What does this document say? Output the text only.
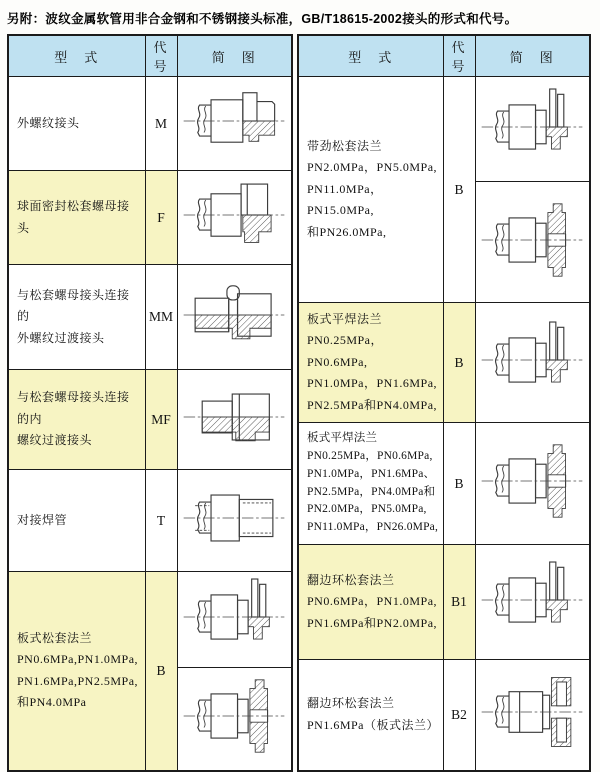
另附：波纹金属软管用非合金钢和不锈钢接头标准，GB/T18615-2002接头的形式和代号。
型　式	代号	简　图
外螺纹接头	M	
球面密封松套螺母接头	F	
与松套螺母接头连接的
外螺纹过渡接头	MM	
与松套螺母接头连接的内
螺纹过渡接头	MF	
对接焊管	T	
板式松套法兰
PN0.6MPa,PN1.0MPa,
PN1.6MPa,PN2.5MPa,
和PN4.0MPa	B	

型　式	代号	简　图
带劲松套法兰
PN2.0MPa，PN5.0MPa,
PN11.0MPa，PN15.0MPa,
和PN26.0MPa,	B	

板式平焊法兰
PN0.25MPa，PN0.6MPa,
PN1.0MPa，PN1.6MPa,
PN2.5MPa和PN4.0MPa,	B	
板式平焊法兰
PN0.25MPa，PN0.6MPa,
PN1.0MPa，PN1.6MPa、
PN2.5MPa，PN4.0MPa和
PN2.0MPa，PN5.0MPa,
PN11.0MPa，PN26.0MPa,	B	
翻边环松套法兰
PN0.6MPa，PN1.0MPa,
PN1.6MPa和PN2.0MPa,	B1	
翻边环松套法兰
PN1.6MPa（板式法兰）	B2	
